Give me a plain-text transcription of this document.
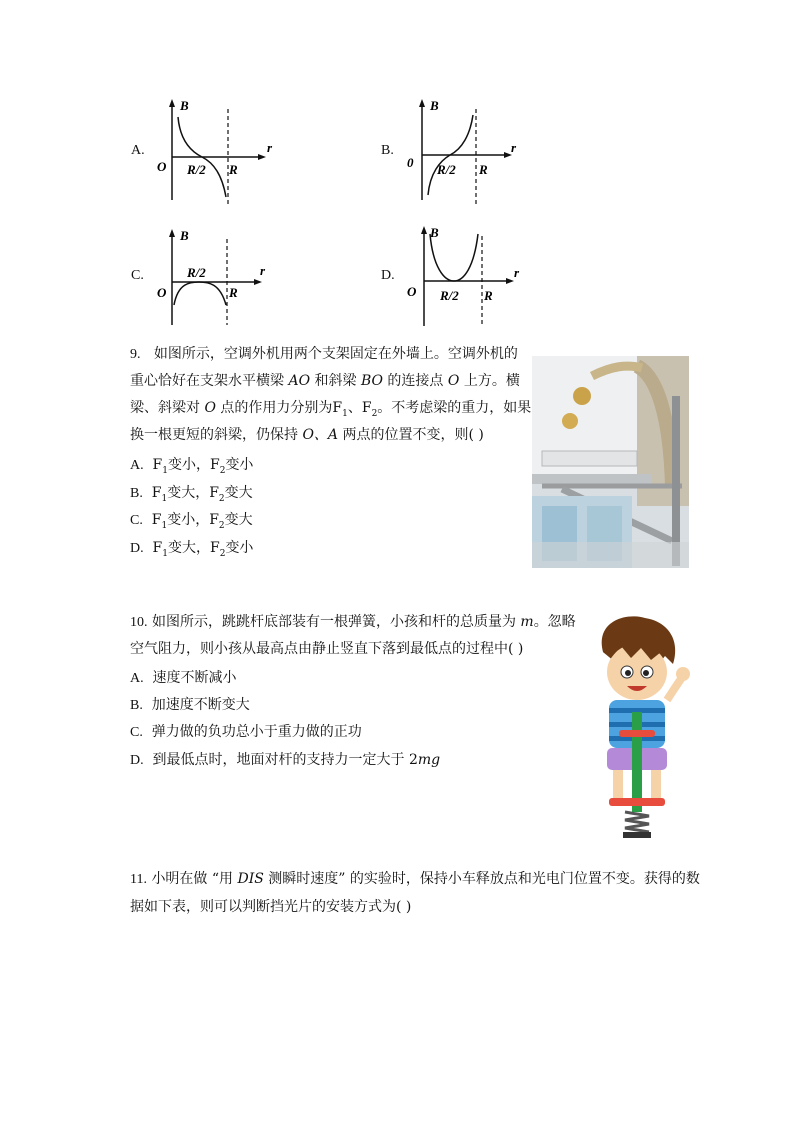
A.
B
r
O R/2 R
B.
B
r
0 R/2 R
C.
B
r
O
R/2
R
D.
B
r
O R/2 R
9. 如图所示，空调外机用两个支架固定在外墙上。空调外机的
重心恰好在支架水平横梁 AO 和斜梁 BO 的连接点 O 上方。横
梁、斜梁对 O 点的作用力分别为$F_1$、$F_2$。不考虑梁的重力，如果
换一根更短的斜梁，仍保持 O、A 两点的位置不变，则( )
A. $F_1$变小，$F_2$变小
B. $F_1$变大，$F_2$变大
C. $F_1$变小，$F_2$变大
D. $F_1$变大，$F_2$变小
10. 如图所示，跳跳杆底部装有一根弹簧，小孩和杆的总质量为 m。忽略
空气阻力，则小孩从最高点由静止竖直下落到最低点的过程中( )
A. 速度不断减小
B. 加速度不断变大
C. 弹力做的负功总小于重力做的正功
D. 到最低点时，地面对杆的支持力一定大于 2mg
11. 小明在做 “用 DIS 测瞬时速度” 的实验时，保持小车释放点和光电门位置不变。获得的数
据如下表，则可以判断挡光片的安装方式为( )
